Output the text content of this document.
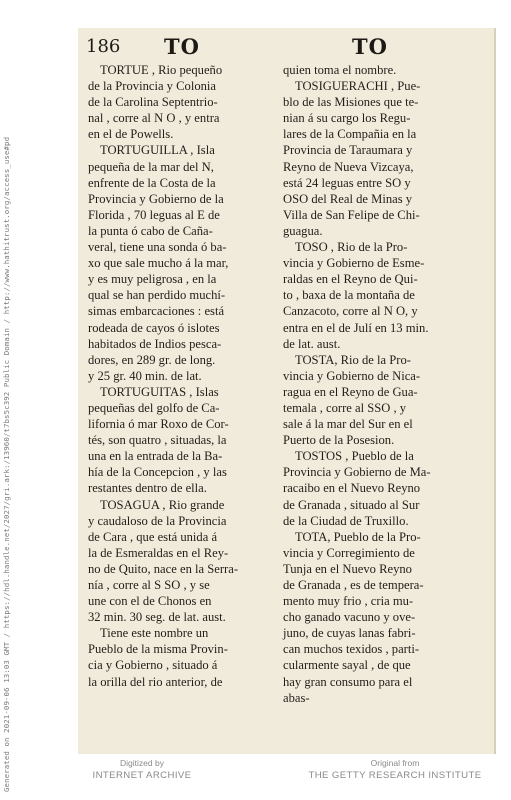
186 TO	TO
TORTUE , Rio pequeño
de la Provincia y Colonia
de la Carolina Septentrio-
nal , corre al N O , y entra
en el de Powells.
TORTUGUILLA , Isla
pequeña de la mar del N,
enfrente de la Costa de la
Provincia y Gobierno de la
Florida , 70 leguas al E de
la punta ó cabo de Caña-
veral, tiene una sonda ó ba-
xo que sale mucho á la mar,
y es muy peligrosa , en la
qual se han perdido muchí-
simas embarcaciones : está
rodeada de cayos ó islotes
habitados de Indios pesca-
dores, en 289 gr. de long.
y 25 gr. 40 min. de lat.
TORTUGUITAS , Islas
pequeñas del golfo de Ca-
lifornia ó mar Roxo de Cor-
tés, son quatro , situadas, la
una en la entrada de la Ba-
hía de la Concepcion , y las
restantes dentro de ella.
TOSAGUA , Rio grande
y caudaloso de la Provincia
de Cara , que está unida á
la de Esmeraldas en el Rey-
no de Quito, nace en la Serra-
nía , corre al S SO , y se
une con el de Chonos en
32 min. 30 seg. de lat. aust.
Tiene este nombre un
Pueblo de la misma Provin-
cia y Gobierno , situado á
la orilla del rio anterior, de
quien toma el nombre.
TOSIGUERACHI , Pue-
blo de las Misiones que te-
nian á su cargo los Regu-
lares de la Compañia en la
Provincia de Taraumara y
Reyno de Nueva Vizcaya,
está 24 leguas entre SO y
OSO del Real de Minas y
Villa de San Felipe de Chi-
guagua.
TOSO , Rio de la Pro-
vincia y Gobierno de Esme-
raldas en el Reyno de Qui-
to , baxa de la montaña de
Canzacoto, corre al N O, y
entra en el de Julí en 13 min.
de lat. aust.
TOSTA, Rio de la Pro-
vincia y Gobierno de Nica-
ragua en el Reyno de Gua-
temala , corre al SSO , y
sale á la mar del Sur en el
Puerto de la Posesion.
TOSTOS , Pueblo de la
Provincia y Gobierno de Ma-
racaibo en el Nuevo Reyno
de Granada , situado al Sur
de la Ciudad de Truxillo.
TOTA, Pueblo de la Pro-
vincia y Corregimiento de
Tunja en el Nuevo Reyno
de Granada , es de tempera-
mento muy frio , cria mu-
cho ganado vacuno y ove-
juno, de cuyas lanas fabri-
can muchos texidos , parti-
cularmente sayal , de que
hay gran consumo para el
abas-
Generated on 2021-09-06 13:03 GMT / https://hdl.handle.net/2027/gri.ark:/13960/t7bs5c392 Public Domain / http://www.hathitrust.org/access_use#pd	Digitized by
INTERNET ARCHIVE
Original from
THE GETTY RESEARCH INSTITUTE
